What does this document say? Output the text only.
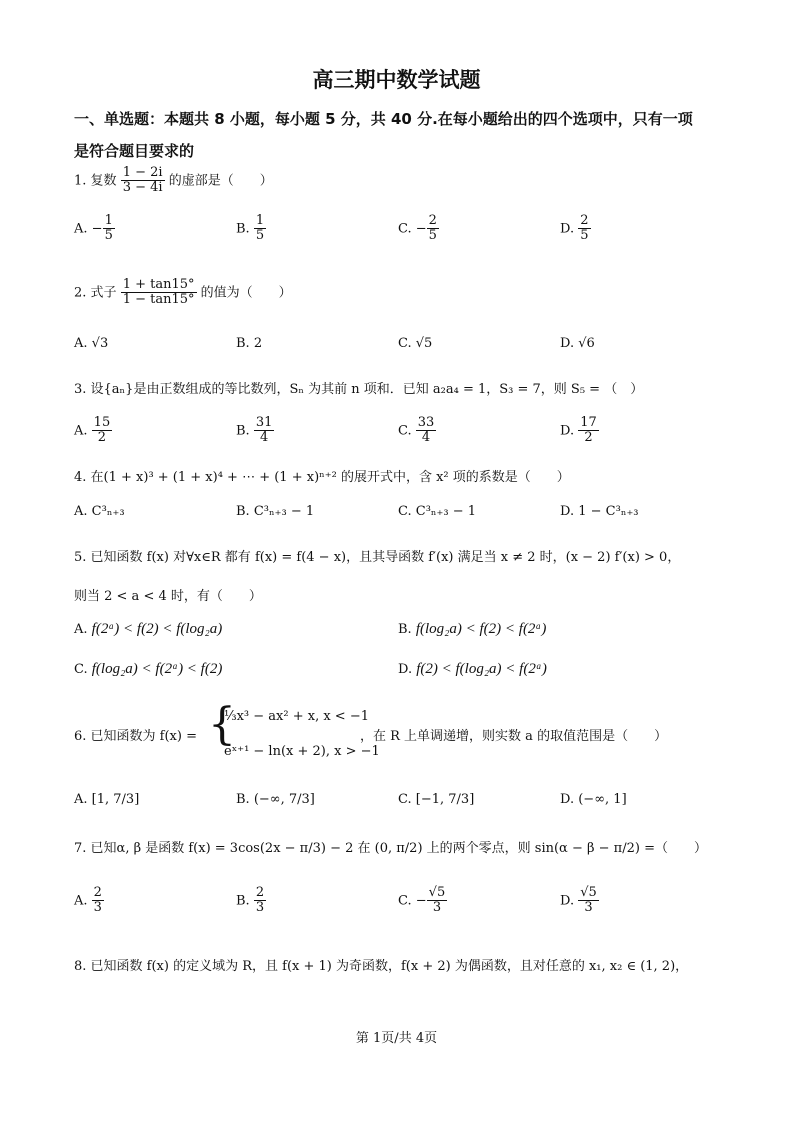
高三期中数学试题
一、单选题：本题共 8 小题，每小题 5 分，共 40 分.在每小题给出的四个选项中，只有一项
是符合题目要求的
1. 复数 $\frac{1 - 2i}{3 - 4i}$ 的虚部是（　　）
A. − $\frac{1}{5}$	B. $\frac{1}{5}$	C. − $\frac{2}{5}$	D. $\frac{2}{5}$
2. 式子 $\frac{1 + \tan 15^\circ}{1 - \tan 15^\circ}$ 的值为（　　）
A. √3	B. 2	C. √5	D. √6
3. 设{aₙ}是由正数组成的等比数列，Sₙ 为其前 n 项和．已知 a₂a₄ = 1，S₃ = 7，则 S₅ = （　）
A. $\frac{15}{2}$	B. $\frac{31}{4}$	C. $\frac{33}{4}$	D. $\frac{17}{2}$
4. 在(1 + x)³ + (1 + x)⁴ + ⋯ + (1 + x)ⁿ⁺² 的展开式中，含 x² 项的系数是（　　）
A. C³ₙ₊₃	B. C³ₙ₊₃ − 1	C. C³ₙ₊₃ − 1	D. 1 − C³ₙ₊₃
5. 已知函数 f(x) 对∀x∈R 都有 f(x) = f(4 − x)，且其导函数 f′(x) 满足当 x ≠ 2 时，(x − 2) f′(x) > 0，
则当 2 < a < 4 时，有（　　）
A. f(2ᵃ) < f(2) < f(log₂a)	B. f(log₂a) < f(2) < f(2ᵃ)
C. f(log₂a) < f(2ᵃ) < f(2)	D. f(2) < f(log₂a) < f(2ᵃ)
6. 已知函数为 f(x) = {
⅓x³ − ax² + x, x < −1
eˣ⁺¹ − ln(x + 2), x > −1
，在 R 上单调递增，则实数 a 的取值范围是（　　）
A. [1, 7/3]	B. (−∞, 7/3]	C. [−1, 7/3]	D. (−∞, 1]
7. 已知α, β 是函数 f(x) = 3cos(2x − π/3) − 2 在 (0, π/2) 上的两个零点，则 sin(α − β − π/2) =（　　）
A. $\frac{2}{3}$	B. $\frac{2}{3}$	C. − $\frac{√5}{3}$	D. $\frac{√5}{3}$
8. 已知函数 f(x) 的定义域为 R，且 f(x + 1) 为奇函数，f(x + 2) 为偶函数，且对任意的 x₁, x₂ ∈ (1, 2)，
第 1页/共 4页
